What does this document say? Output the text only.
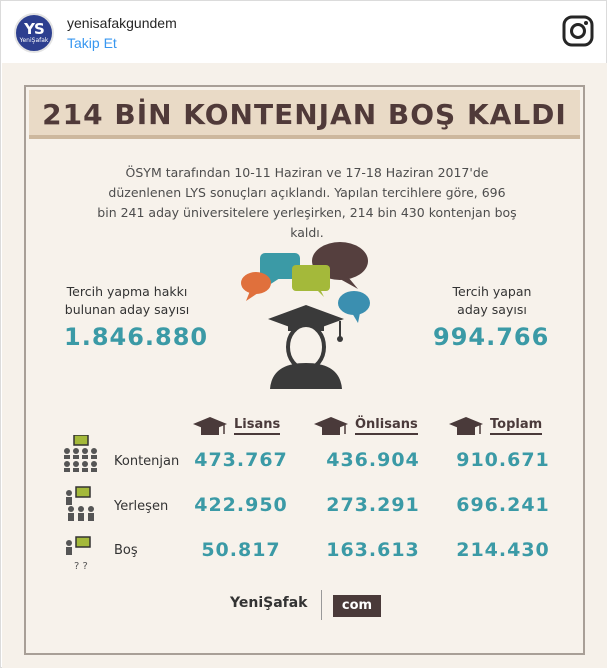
YS
YeniŞafak
yenisafakgundem
Takip Et
214 BİN KONTENJAN BOŞ KALDI
ÖSYM tarafından 10-11 Haziran ve 17-18 Haziran 2017'de düzenlenen LYS sonuçları açıklandı. Yapılan tercihlere göre, 696 bin 241 aday üniversitelere yerleşirken, 214 bin 430 kontenjan boş kaldı.
Tercih yapma hakkı
bulunan aday sayısı
1.846.880
Tercih yapan
aday sayısı
994.766
Lisans	Önlisans	Toplam
Kontenjan 473.767	436.904	910.671
Yerleşen	422.950	273.291	696.241
? ?
Boş	50.817	163.613	214.430
YeniŞafak	com
